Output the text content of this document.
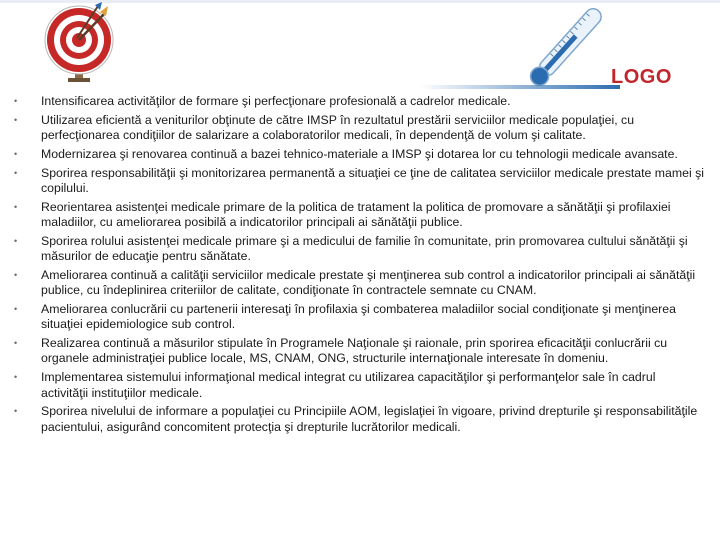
LOGO
• Intensificarea activităţilor de formare şi perfecţionare profesională a cadrelor medicale.
• Utilizarea eficientă a veniturilor obţinute de către IMSP în rezultatul prestării serviciilor medicale populaţiei, cu perfecţionarea condiţiilor de salarizare a colaboratorilor medicali, în dependenţă de volum şi calitate.
• Modernizarea şi renovarea continuă a bazei tehnico-materiale a IMSP şi dotarea lor cu tehnologii medicale avansate.
• Sporirea responsabilităţii şi monitorizarea permanentă a situaţiei ce ţine de calitatea serviciilor medicale prestate mamei şi copilului.
• Reorientarea asistenţei medicale primare de la politica de tratament la politica de promovare a sănătăţii şi profilaxiei maladiilor, cu ameliorarea posibilă a indicatorilor principali ai sănătăţii publice.
• Sporirea rolului asistenţei medicale primare şi a medicului de familie în comunitate, prin promovarea cultului sănătăţii şi măsurilor de educaţie pentru sănătate.
• Ameliorarea continuă a calităţii serviciilor medicale prestate şi menţinerea sub control a indicatorilor principali ai sănătăţii publice, cu îndeplinirea criteriilor de calitate, condiţionate în contractele semnate cu CNAM.
• Ameliorarea conlucrării cu partenerii interesaţi în profilaxia şi combaterea maladiilor social condiţionate şi menţinerea situaţiei epidemiologice sub control.
• Realizarea continuă a măsurilor stipulate în Programele Naţionale şi raionale, prin sporirea eficacităţii conlucrării cu organele administraţiei publice locale, MS, CNAM, ONG, structurile internaţionale interesate în domeniu.
• Implementarea sistemului informaţional medical integrat cu utilizarea capacităţilor şi performanţelor sale în cadrul activităţii instituţiilor medicale.
• Sporirea nivelului de informare a populaţiei cu Principiile AOM, legislaţiei în vigoare, privind drepturile şi responsabilităţile pacientului, asigurând concomitent protecţia şi drepturile lucrătorilor medicali.
